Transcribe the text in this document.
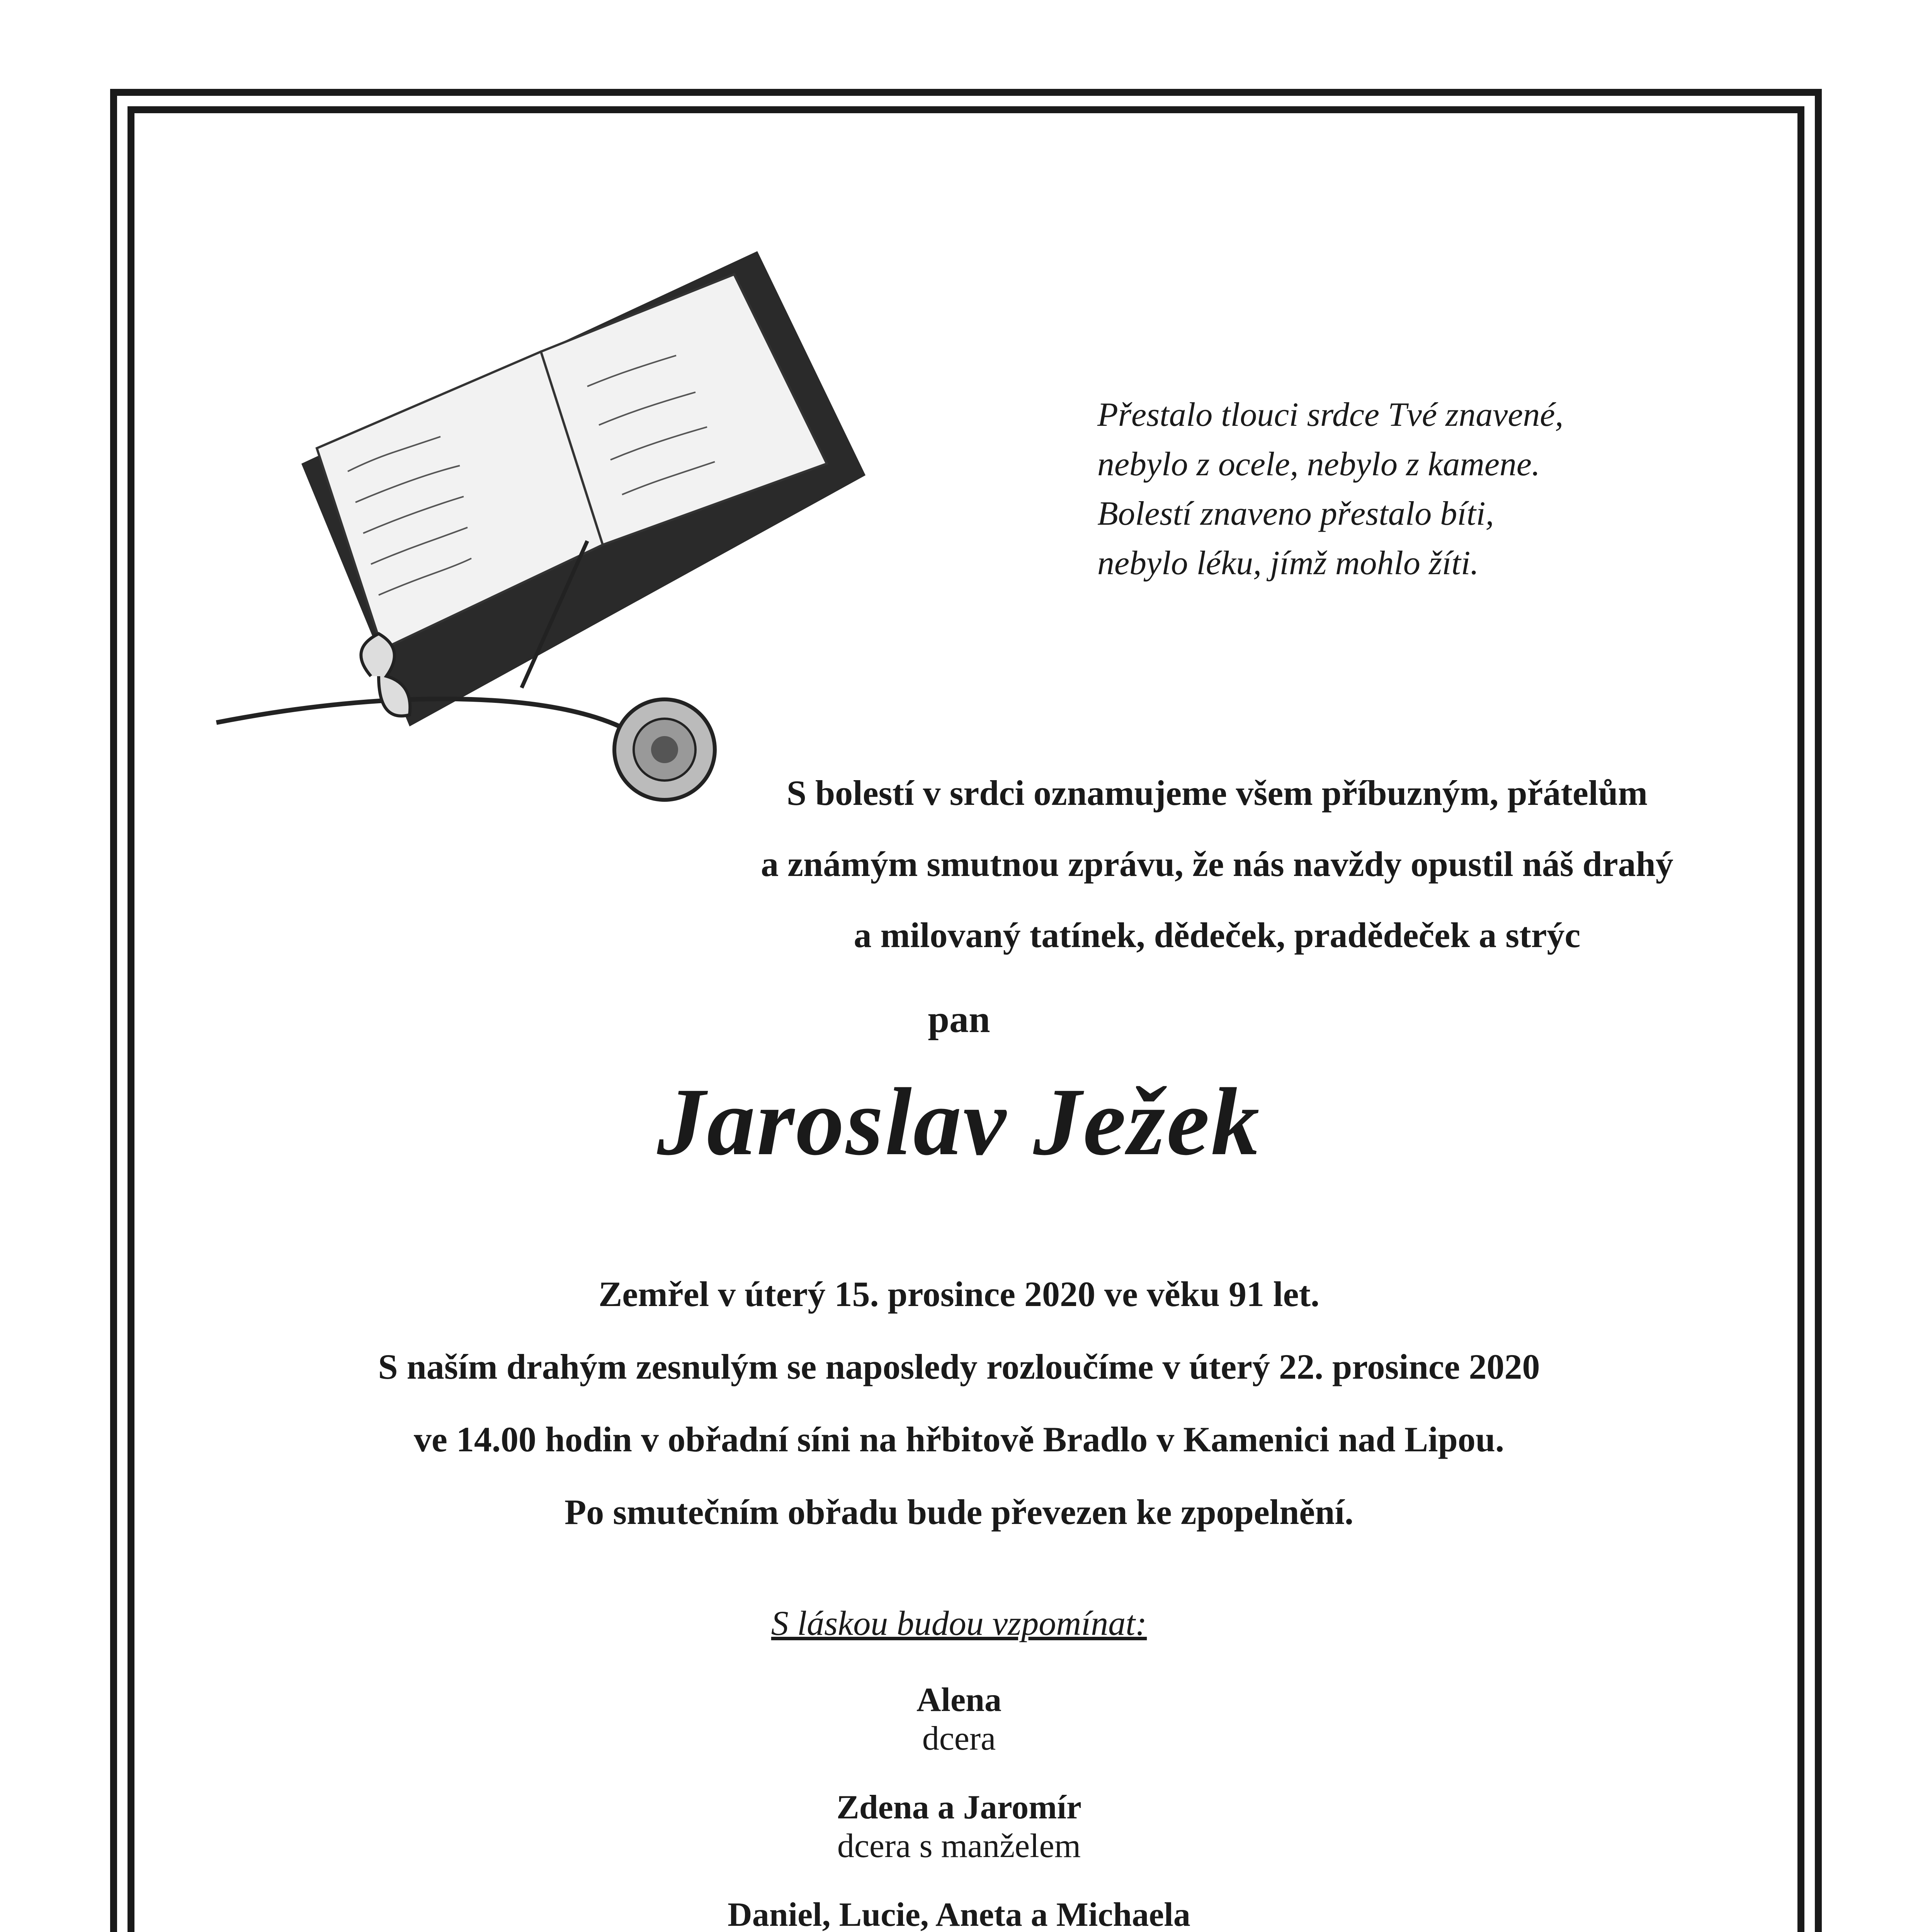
Přestalo tlouci srdce Tvé znavené,
nebylo z ocele, nebylo z kamene.
Bolestí znaveno přestalo bíti,
nebylo léku, jímž mohlo žíti.
S bolestí v srdci oznamujeme všem příbuzným, přátelům
a známým smutnou zprávu, že nás navždy opustil náš drahý
a milovaný tatínek, dědeček, pradědeček a strýc
pan
Jaroslav Ježek
Zemřel v úterý 15. prosince 2020 ve věku 91 let.
S naším drahým zesnulým se naposledy rozloučíme v úterý 22. prosince 2020
ve 14.00 hodin v obřadní síni na hřbitově Bradlo v Kamenici nad Lipou.
Po smutečním obřadu bude převezen ke zpopelnění.
S láskou budou vzpomínat:
Alena
dcera
Zdena a Jaromír
dcera s manželem
Daniel, Lucie, Aneta a Michaela
